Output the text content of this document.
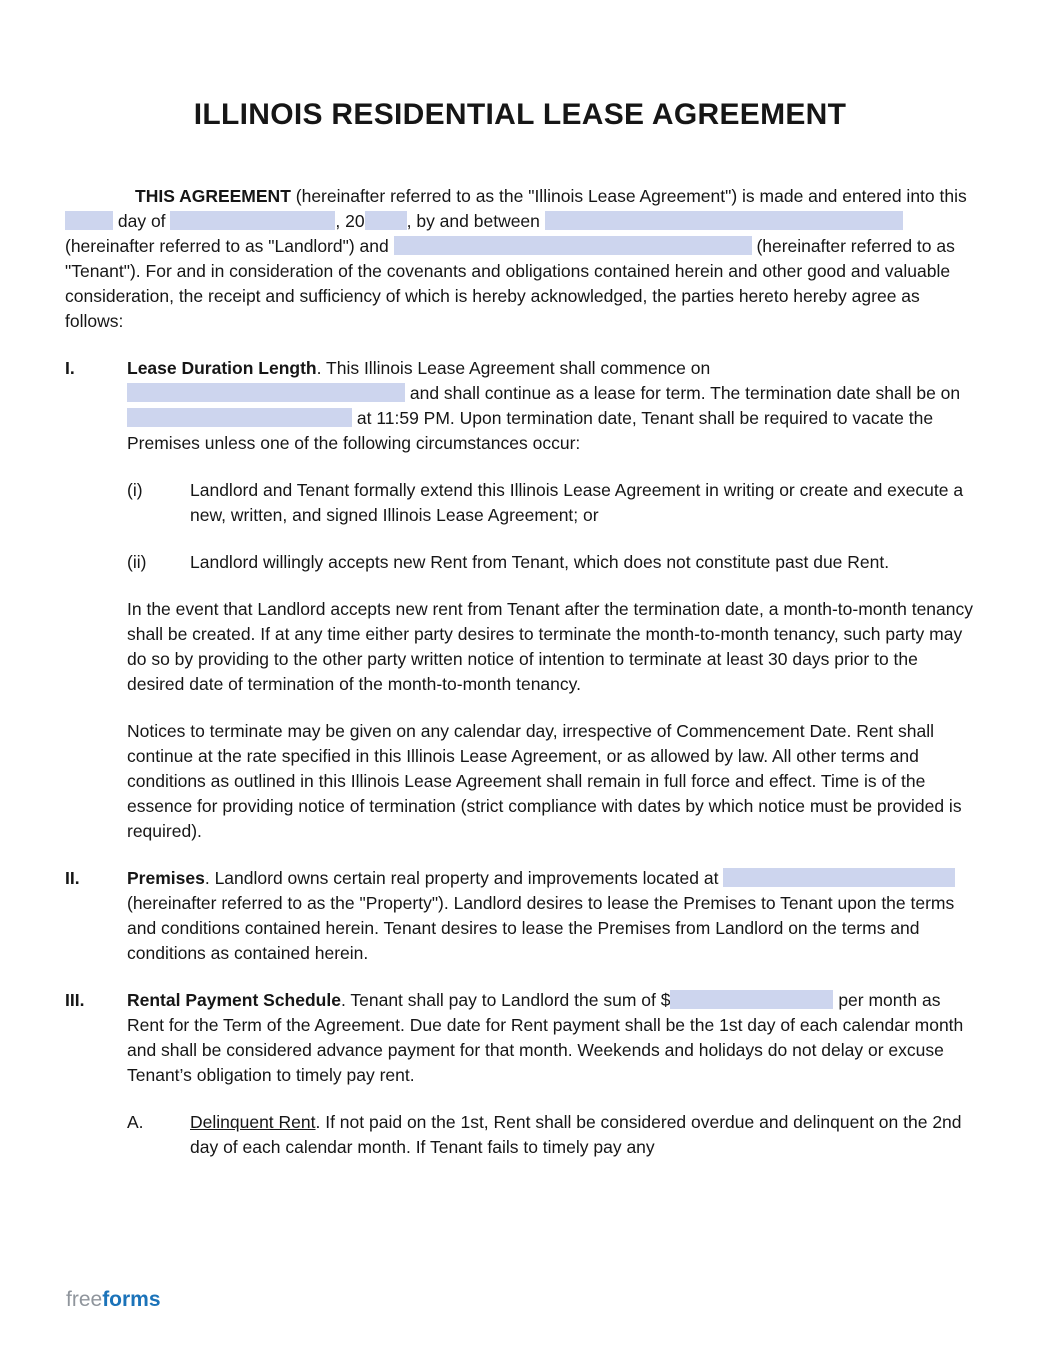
ILLINOIS RESIDENTIAL LEASE AGREEMENT
THIS AGREEMENT (hereinafter referred to as the "Illinois Lease Agreement") is made and entered into this  day of	, 20 , by and between  (hereinafter referred to as "Landlord") and	(hereinafter referred to as "Tenant"). For and in consideration of the covenants and obligations contained herein and other good and valuable consideration, the receipt and sufficiency of which is hereby acknowledged, the parties hereto hereby agree as follows:
I.	Lease Duration Length. This Illinois Lease Agreement shall commence on  and shall continue as a lease for term. The termination date shall be on  at 11:59 PM. Upon termination date, Tenant shall be required to vacate the Premises unless one of the following circumstances occur:
(i)	Landlord and Tenant formally extend this Illinois Lease Agreement in writing or create and execute a new, written, and signed Illinois Lease Agreement; or
(ii)	Landlord willingly accepts new Rent from Tenant, which does not constitute past due Rent.
In the event that Landlord accepts new rent from Tenant after the termination date, a month-to-month tenancy shall be created. If at any time either party desires to terminate the month-to-month tenancy, such party may do so by providing to the other party written notice of intention to terminate at least 30 days prior to the desired date of termination of the month-to-month tenancy.
Notices to terminate may be given on any calendar day, irrespective of Commencement Date. Rent shall continue at the rate specified in this Illinois Lease Agreement, or as allowed by law. All other terms and conditions as outlined in this Illinois Lease Agreement shall remain in full force and effect. Time is of the essence for providing notice of termination (strict compliance with dates by which notice must be provided is required).
II.	Premises. Landlord owns certain real property and improvements located at  (hereinafter referred to as the "Property"). Landlord desires to lease the Premises to Tenant upon the terms and conditions contained herein. Tenant desires to lease the Premises from Landlord on the terms and conditions as contained herein.
III.	Rental Payment Schedule. Tenant shall pay to Landlord the sum of $	per month as Rent for the Term of the Agreement. Due date for Rent payment shall be the 1st day of each calendar month and shall be considered advance payment for that month. Weekends and holidays do not delay or excuse Tenant’s obligation to timely pay rent.
A.	Delinquent Rent. If not paid on the 1st, Rent shall be considered overdue and delinquent on the 2nd day of each calendar month. If Tenant fails to timely pay any
freeforms
